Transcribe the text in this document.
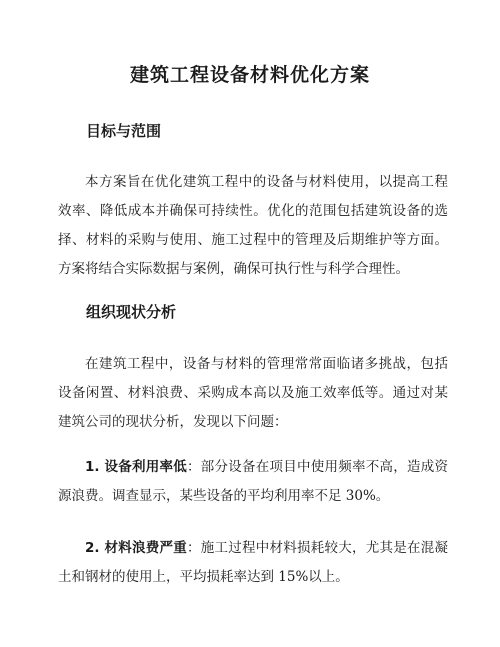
建筑工程设备材料优化方案
目标与范围

本方案旨在优化建筑工程中的设备与材料使用，以提高工程效率、降低成本并确保可持续性。优化的范围包括建筑设备的选择、材料的采购与使用、施工过程中的管理及后期维护等方面。方案将结合实际数据与案例，确保可执行性与科学合理性。

组织现状分析

在建筑工程中，设备与材料的管理常常面临诸多挑战，包括设备闲置、材料浪费、采购成本高以及施工效率低等。通过对某建筑公司的现状分析，发现以下问题：

1. 设备利用率低：部分设备在项目中使用频率不高，造成资源浪费。调查显示，某些设备的平均利用率不足 30%。

2. 材料浪费严重：施工过程中材料损耗较大，尤其是在混凝土和钢材的使用上，平均损耗率达到 15%以上。
